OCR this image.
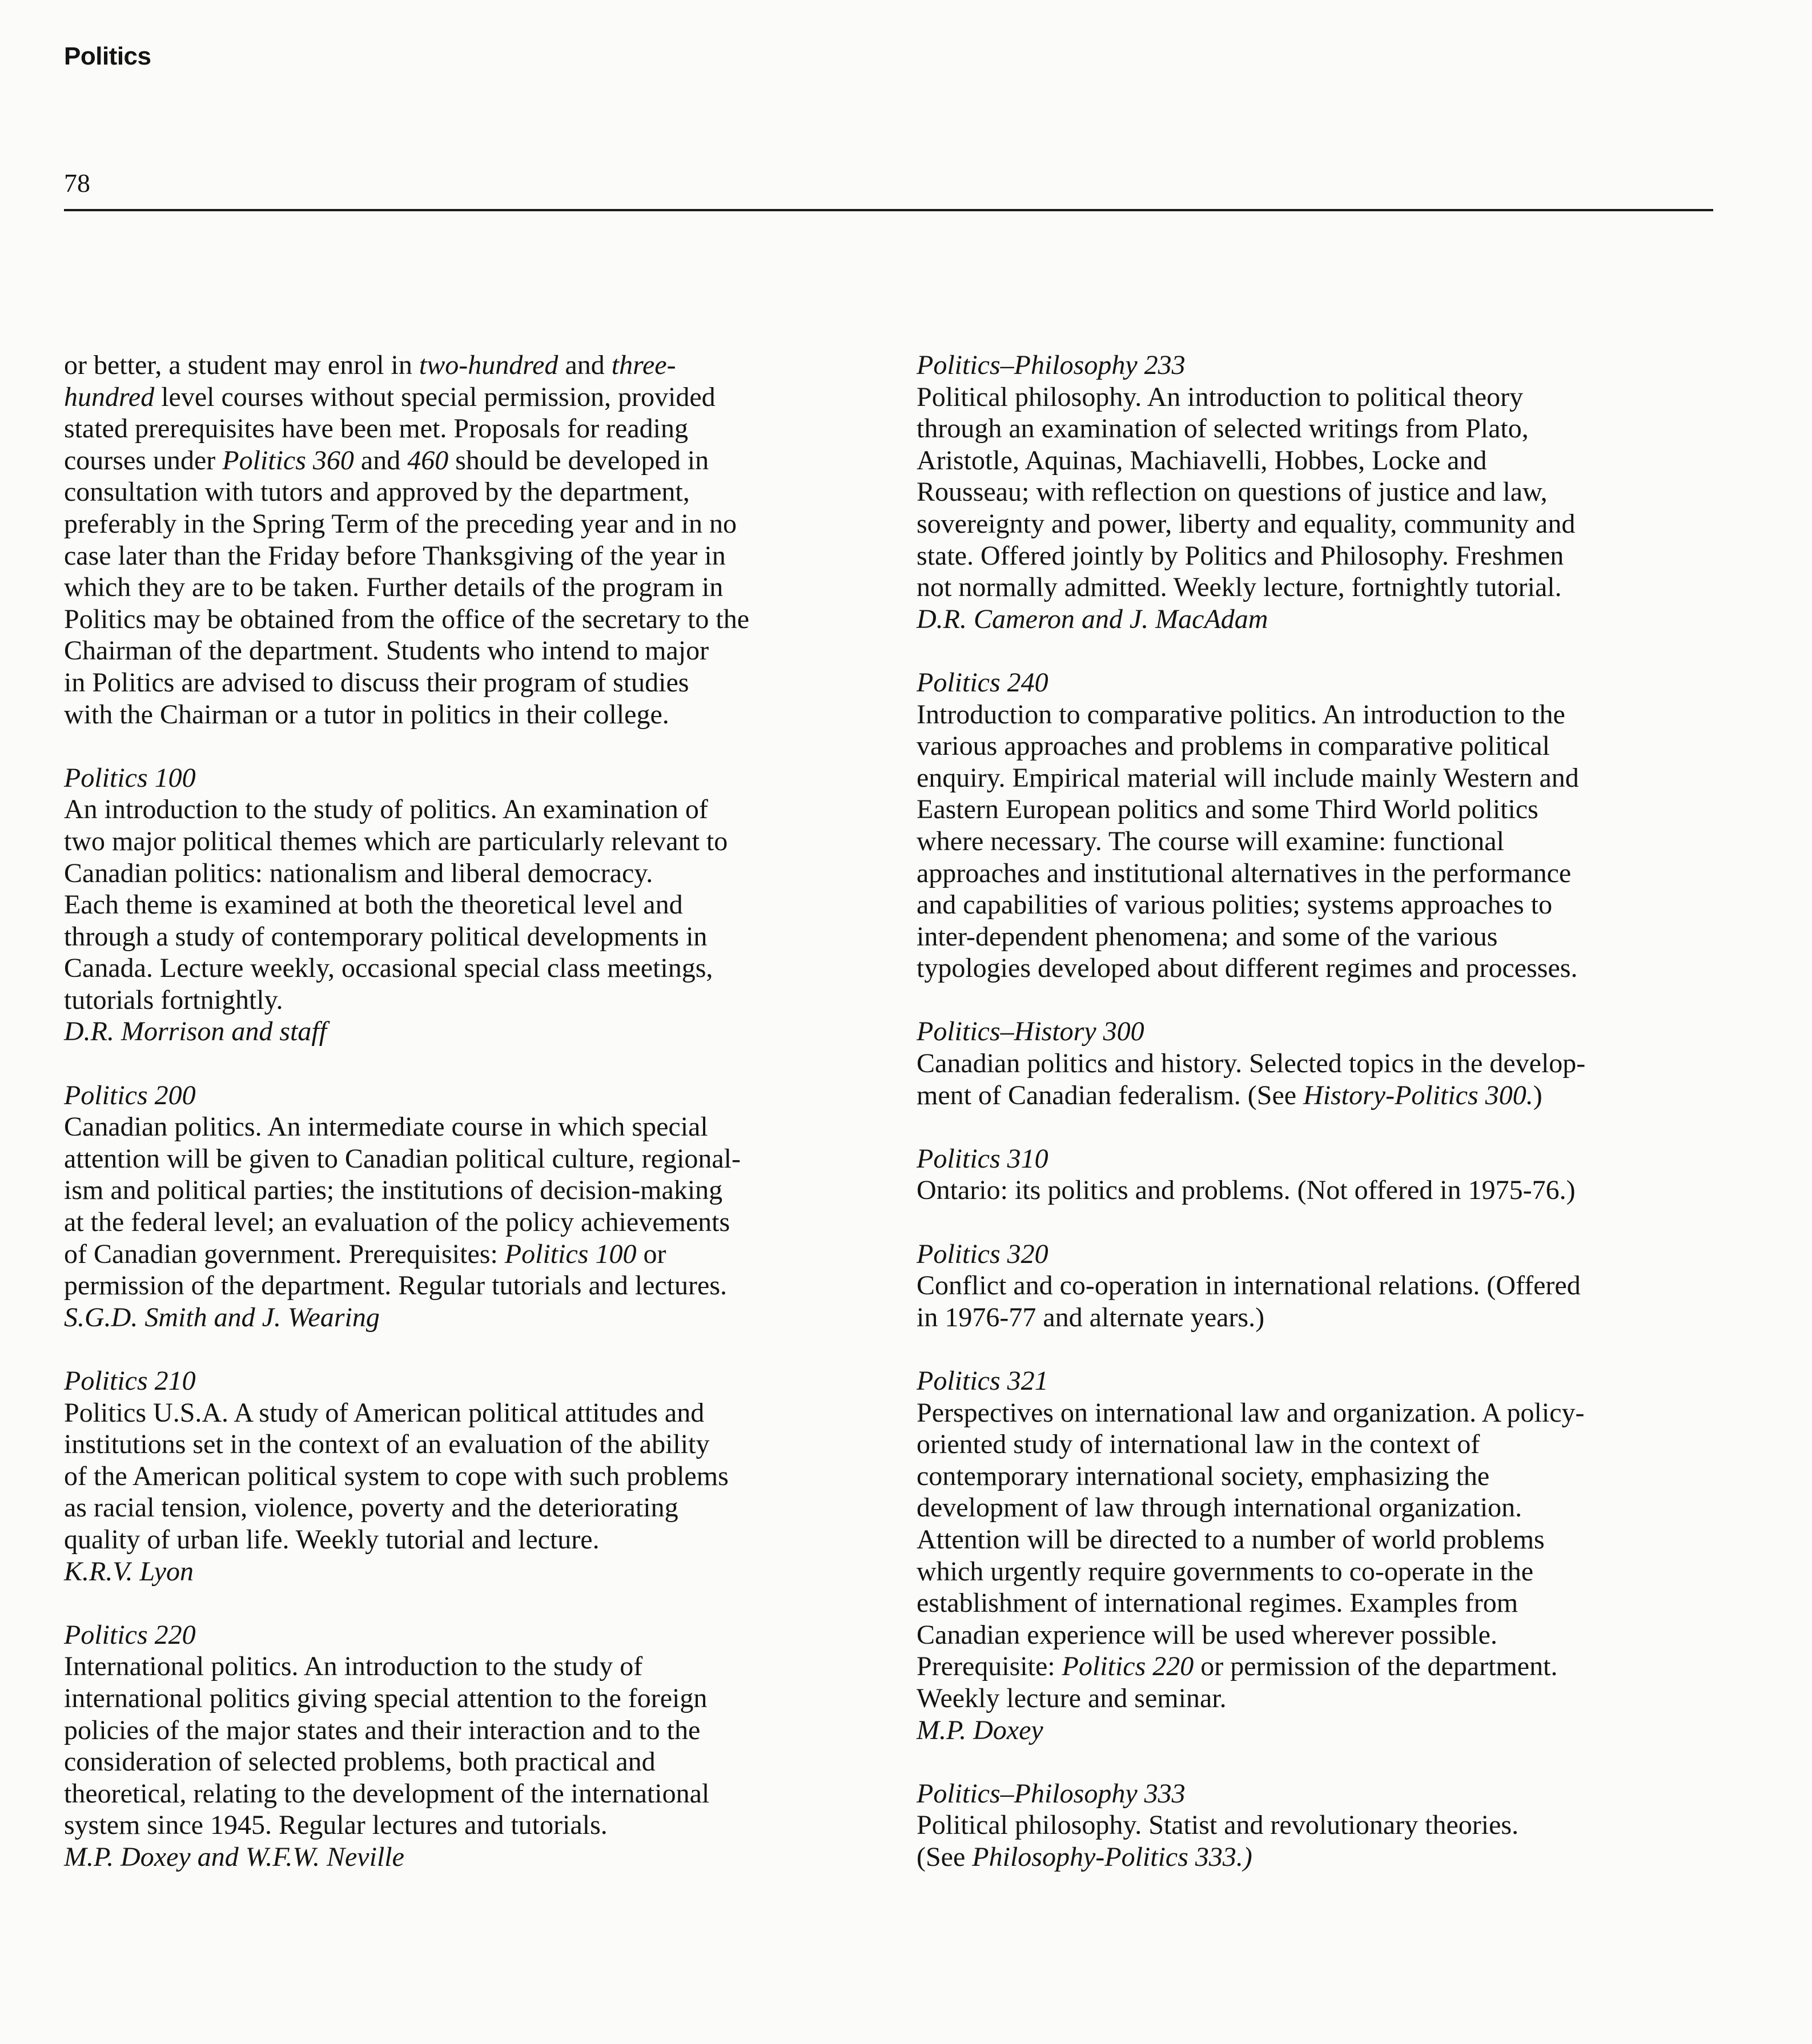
Politics
78

or better, a student may enrol in two-hundred and three-
hundred level courses without special permission, provided
stated prerequisites have been met. Proposals for reading
courses under Politics 360 and 460 should be developed in
consultation with tutors and approved by the department,
preferably in the Spring Term of the preceding year and in no
case later than the Friday before Thanksgiving of the year in
which they are to be taken. Further details of the program in
Politics may be obtained from the office of the secretary to the
Chairman of the department. Students who intend to major
in Politics are advised to discuss their program of studies
with the Chairman or a tutor in politics in their college.

Politics 100
An introduction to the study of politics. An examination of
two major political themes which are particularly relevant to
Canadian politics: nationalism and liberal democracy.
Each theme is examined at both the theoretical level and
through a study of contemporary political developments in
Canada. Lecture weekly, occasional special class meetings,
tutorials fortnightly.
D.R. Morrison and staff
Politics 200
Canadian politics. An intermediate course in which special
attention will be given to Canadian political culture, regional-
ism and political parties; the institutions of decision-making
at the federal level; an evaluation of the policy achievements
of Canadian government. Prerequisites: Politics 100 or
permission of the department. Regular tutorials and lectures.
S.G.D. Smith and J. Wearing
Politics 210
Politics U.S.A. A study of American political attitudes and
institutions set in the context of an evaluation of the ability
of the American political system to cope with such problems
as racial tension, violence, poverty and the deteriorating
quality of urban life. Weekly tutorial and lecture.
K.R.V. Lyon
Politics 220
International politics. An introduction to the study of
international politics giving special attention to the foreign
policies of the major states and their interaction and to the
consideration of selected problems, both practical and
theoretical, relating to the development of the international
system since 1945. Regular lectures and tutorials.
M.P. Doxey and W.F.W. Neville
Politics–Philosophy 233
Political philosophy. An introduction to political theory
through an examination of selected writings from Plato,
Aristotle, Aquinas, Machiavelli, Hobbes, Locke and
Rousseau; with reflection on questions of justice and law,
sovereignty and power, liberty and equality, community and
state. Offered jointly by Politics and Philosophy. Freshmen
not normally admitted. Weekly lecture, fortnightly tutorial.
D.R. Cameron and J. MacAdam
Politics 240
Introduction to comparative politics. An introduction to the
various approaches and problems in comparative political
enquiry. Empirical material will include mainly Western and
Eastern European politics and some Third World politics
where necessary. The course will examine: functional
approaches and institutional alternatives in the performance
and capabilities of various polities; systems approaches to
inter-dependent phenomena; and some of the various
typologies developed about different regimes and processes.
Politics–History 300
Canadian politics and history. Selected topics in the develop-
ment of Canadian federalism. (See History-Politics 300.)
Politics 310
Ontario: its politics and problems. (Not offered in 1975-76.)
Politics 320
Conflict and co-operation in international relations. (Offered
in 1976-77 and alternate years.)
Politics 321
Perspectives on international law and organization. A policy-
oriented study of international law in the context of
contemporary international society, emphasizing the
development of law through international organization.
Attention will be directed to a number of world problems
which urgently require governments to co-operate in the
establishment of international regimes. Examples from
Canadian experience will be used wherever possible.
Prerequisite: Politics 220 or permission of the department.
Weekly lecture and seminar.
M.P. Doxey
Politics–Philosophy 333
Political philosophy. Statist and revolutionary theories.
(See Philosophy-Politics 333.)
